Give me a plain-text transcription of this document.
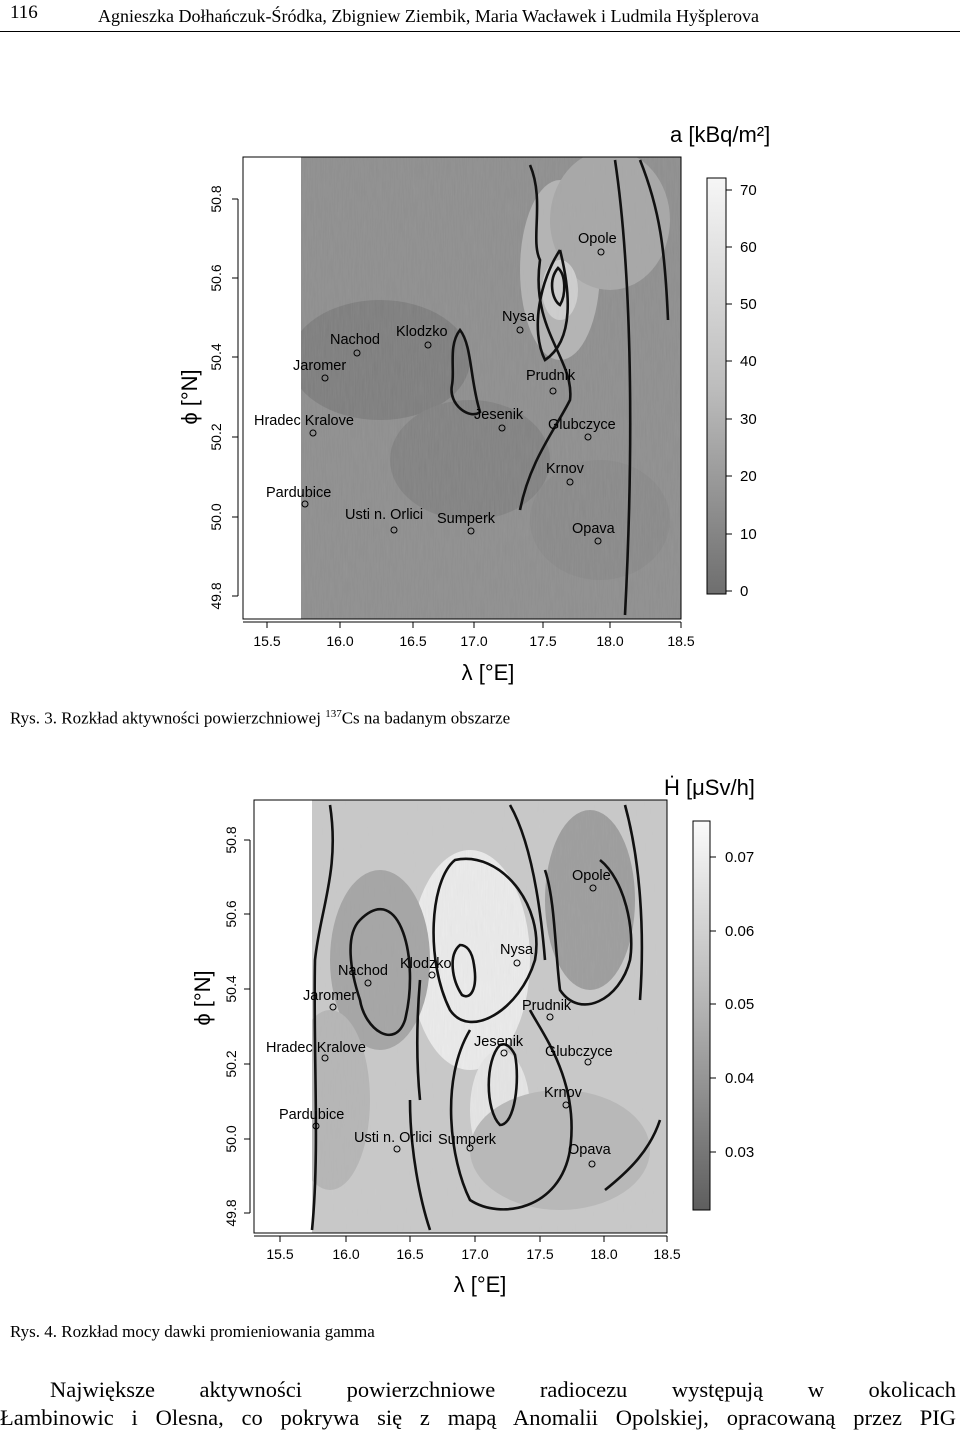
116	Agnieszka Dołhańczuk-Śródka, Zbigniew Ziembik, Maria Wacławek i Ludmila Hyšplerova
15.5	16.0	16.5 17.0	17.5	18.0	18.5
λ [°E]
49.8
50.0
50.2
50.4
50.6
50.8
ϕ [°N]
Opole
Nysa
Klodzko
Nachod
Jaromer
Prudnik
Jesenik
Glubczyce
Hradec Kralove
Krnov
Pardubice
Usti n. Orlici Sumperk
Opava
a [kBq/m²]
70
60
50
40
30
20
10
0
Rys. 3. Rozkład aktywności powierzchniowej $^{137}$Cs na badanym obszarze
15.5	16.0	16.5	17.0	17.5	18.0	18.5
λ [°E]
49.8
50.0
50.2
50.4
50.6
50.8
ϕ [°N]
Opole
Nysa
Klodzko
Nachod
Jaromer
Prudnik
Jesenik
Glubczyce
Hradec Kralove
Krnov
Pardubice
Usti n. Orlici Sumperk
Opava
Ḣ [μSv/h]
0.07
0.06
0.05
0.04
0.03
Rys. 4. Rozkład mocy dawki promieniowania gamma
Największe aktywności powierzchniowe radiocezu występują w okolicach
Łambinowic i Olesna, co pokrywa się z mapą Anomalii Opolskiej, opracowaną przez PIG
